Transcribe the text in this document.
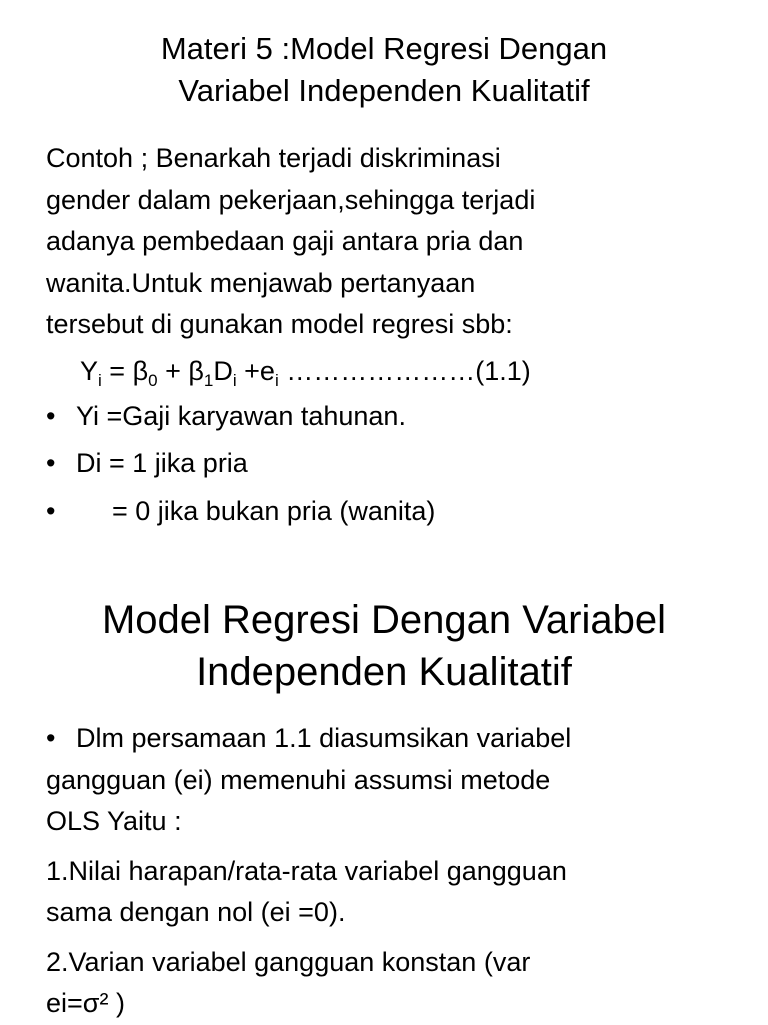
Materi 5 :Model Regresi Dengan
Variabel Independen Kualitatif
Contoh ; Benarkah terjadi diskriminasi
gender dalam pekerjaan,sehingga terjadi
adanya pembedaan gaji antara pria dan
wanita.Untuk menjawab pertanyaan
tersebut di gunakan model regresi sbb:
$Y_i = \beta_0 + \beta_1D_i +e_i$ …………………(1.1)
• Yi =Gaji karyawan tahunan.
• Di = 1 jika pria
• = 0 jika bukan pria (wanita)
Model Regresi Dengan Variabel
Independen Kualitatif
• Dlm persamaan 1.1 diasumsikan variabel
gangguan (ei) memenuhi assumsi metode
OLS Yaitu :
1.Nilai harapan/rata-rata variabel gangguan
sama dengan nol (ei =0).
2.Varian variabel gangguan konstan (var
ei=σ² )
